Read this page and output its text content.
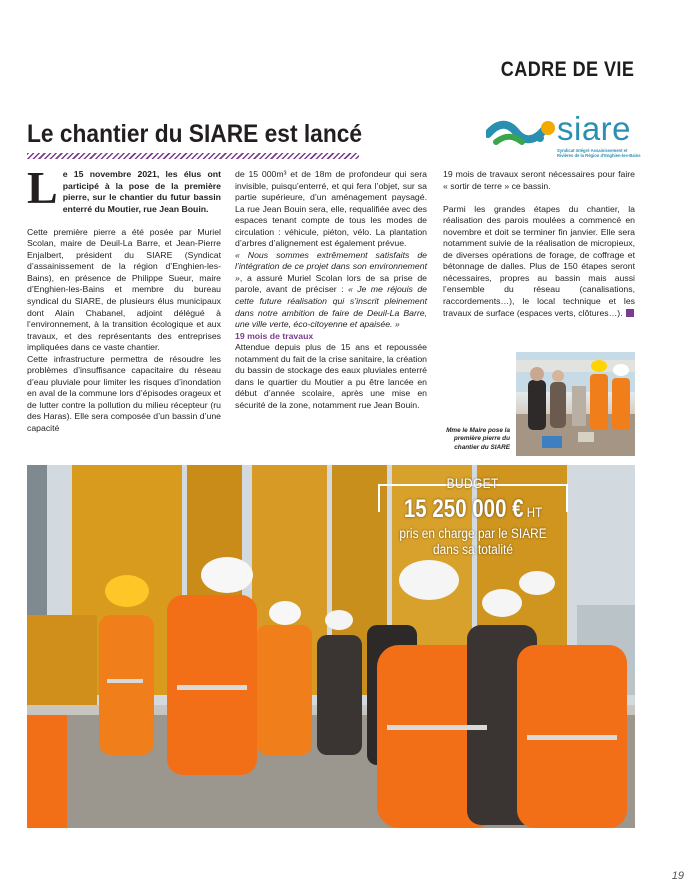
CADRE DE VIE
siare
Syndicat Intégré Assainissement et Rivières de la Région d'Enghien-les-Bains
Le chantier du SIARE est lancé

Le 15 novembre 2021, les élus ont participé à la pose de la première pierre, sur le chantier du futur bassin enterré du Moutier, rue Jean Bouin.

Cette première pierre a été posée par Muriel Scolan, maire de Deuil-La Barre, et Jean-Pierre Enjalbert, président du SIARE (Syndicat d’assainissement de la région d’Enghien-les-Bains), en présence de Philippe Sueur, maire d’Enghien-les-Bains et membre du bureau syndical du SIARE, de plusieurs élus municipaux dont Alain Chabanel, adjoint délégué à l’environnement, à la transition écologique et aux travaux, et des représentants des entreprises impliquées dans ce vaste chantier.

Cette infrastructure permettra de résoudre les problèmes d’insuffisance capacitaire du réseau d’eau pluviale pour limiter les risques d’inondation en aval de la commune lors d’épisodes orageux et de lutter contre la pollution du milieu récepteur (ru des Haras). Elle sera composée d’un bassin d’une capacité

de 15 000m³ et de 18m de profondeur qui sera invisible, puisqu’enterré, et qui fera l’objet, sur sa partie supérieure, d’un aménagement paysagé. La rue Jean Bouin sera, elle, requalifiée avec des espaces tenant compte de tous les modes de circulation : véhicule, piéton, vélo. La plantation d’arbres d’alignement est également prévue.

« Nous sommes extrêmement satisfaits de l’intégration de ce projet dans son environnement », a assuré Muriel Scolan lors de sa prise de parole, avant de préciser : « Je me réjouis de cette future réalisation qui s’inscrit pleinement dans notre ambition de faire de Deuil-La Barre, une ville verte, éco-citoyenne et apaisée. »

19 mois de travaux

Attendue depuis plus de 15 ans et repoussée notamment du fait de la crise sanitaire, la création du bassin de stockage des eaux pluviales enterré dans le quartier du Moutier a pu être lancée en début d’année scolaire, après une mise en sécurité de la zone, notamment rue Jean Bouin.

19 mois de travaux seront nécessaires pour faire « sortir de terre » ce bassin.

Parmi les grandes étapes du chantier, la réalisation des parois moulées a commencé en novembre et doit se terminer fin janvier. Elle sera notamment suivie de la réalisation de micropieux, de diverses opérations de forage, de coffrage et bétonnage de dalles. Plus de 150 étapes seront nécessaires, propres au bassin mais aussi l’ensemble du réseau (canalisations, raccordements…), le local technique et les travaux de surface (espaces verts, clôtures…).

Mme le Maire pose la première pierre du chantier du SIARE
BUDGET
15 250 000 € HT
pris en charge par le SIARE
dans sa totalité
19
